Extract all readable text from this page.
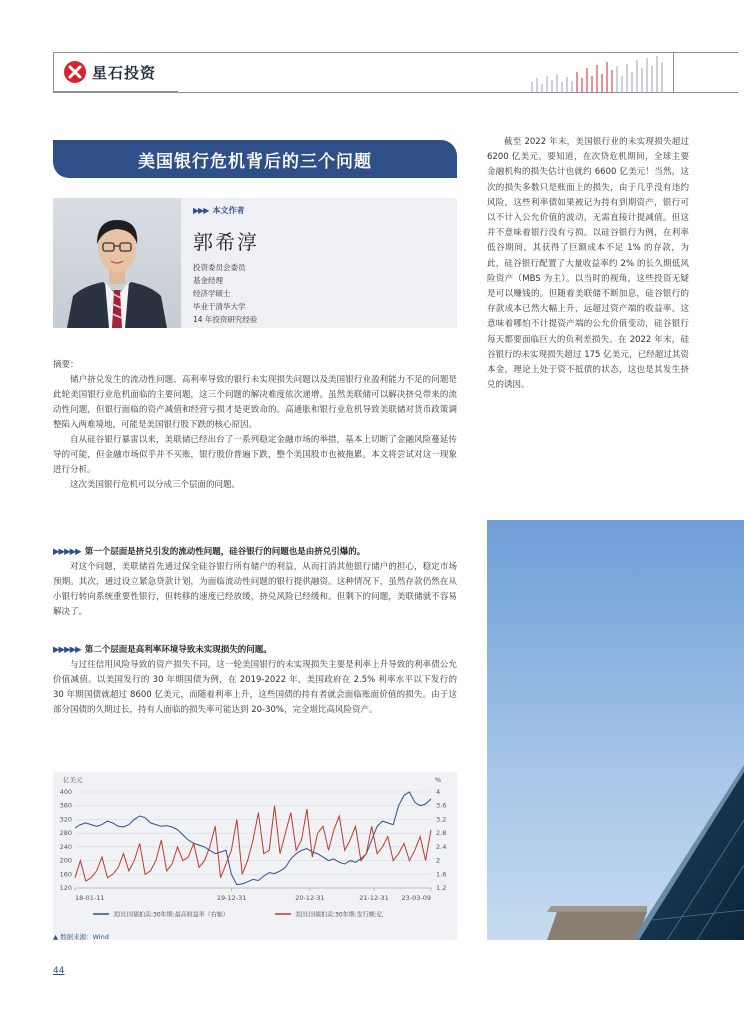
星石投资
美国银行危机背后的三个问题
▶▶▶ 本文作者
郭希淳
投资委员会委员
基金经理
经济学硕士
毕业于清华大学
14 年投资研究经验
摘要：

储户挤兑发生的流动性问题、高利率导致的银行未实现损失问题以及美国银行业盈利能力不足的问题是此轮美国银行业危机面临的主要问题，这三个问题的解决难度依次递增。虽然美联储可以解决挤兑带来的流动性问题，但银行面临的资产减值和经营亏损才是更致命的。高通胀和银行业危机导致美联储对货币政策调整陷入两难境地，可能是美国银行股下跌的核心原因。

自从硅谷银行暴雷以来，美联储已经出台了一系列稳定金融市场的举措，基本上切断了金融风险蔓延传导的可能，但金融市场似乎并不买账，银行股价普遍下跌，整个美国股市也被拖累。本文将尝试对这一现象进行分析。

这次美国银行危机可以分成三个层面的问题。

▶▶▶▶▶ 第一个层面是挤兑引发的流动性问题，硅谷银行的问题也是由挤兑引爆的。

对这个问题，美联储首先通过保全硅谷银行所有储户的利益，从而打消其他银行储户的担心，稳定市场预期。其次，通过设立紧急贷款计划，为面临流动性问题的银行提供融资。这种情况下，虽然存款仍然在从小银行转向系统重要性银行，但转移的速度已经放缓，挤兑风险已经缓和。但剩下的问题，美联储就不容易解决了。

▶▶▶▶▶ 第二个层面是高利率环境导致未实现损失的问题。

与过往信用风险导致的资产损失不同，这一轮美国银行的未实现损失主要是利率上升导致的利率债公允价值减值。以美国发行的 30 年期国债为例，在 2019-2022 年，美国政府在 2.5% 利率水平以下发行的 30 年期国债就超过 8600 亿美元，而随着利率上升，这些国债的持有者就会面临账面价值的损失。由于这部分国债的久期过长，持有人面临的损失率可能达到 20-30%，完全堪比高风险资产。

截至 2022 年末，美国银行业的未实现损失超过 6200 亿美元。要知道，在次贷危机期间，全球主要金融机构的损失估计也就约 6600 亿美元！当然，这次的损失多数只是账面上的损失，由于几乎没有违约风险，这些利率债如果被记为持有到期资产，银行可以不计入公允价值的波动，无需直接计提减值。但这并不意味着银行没有亏损。以硅谷银行为例，在利率低谷期间，其获得了巨额成本不足 1% 的存款，为此，硅谷银行配置了大量收益率约 2% 的长久期低风险资产（MBS 为主）。以当时的视角，这些投资无疑是可以赚钱的。但随着美联储不断加息，硅谷银行的存款成本已然大幅上升，远超过资产端的收益率。这意味着哪怕不计提资产端的公允价值变动，硅谷银行每天都要面临巨大的负利差损失。在 2022 年末，硅谷银行的未实现损失超过 175 亿美元，已经超过其资本金，理论上处于资不抵债的状态，这也是其发生挤兑的诱因。

亿美元	%
400	4
360	3.6
320	3.2
280	2.8
240	2.4
200	2
160	1.6
120	1.2
18-01-11	19-12-31	20-12-31	21-12-31 23-03-09
美国:国债拍卖:30年期:最高收益率（右轴）	美国:国债拍卖:30年期:发行额:亿
▲ 数据来源：Wind
44
